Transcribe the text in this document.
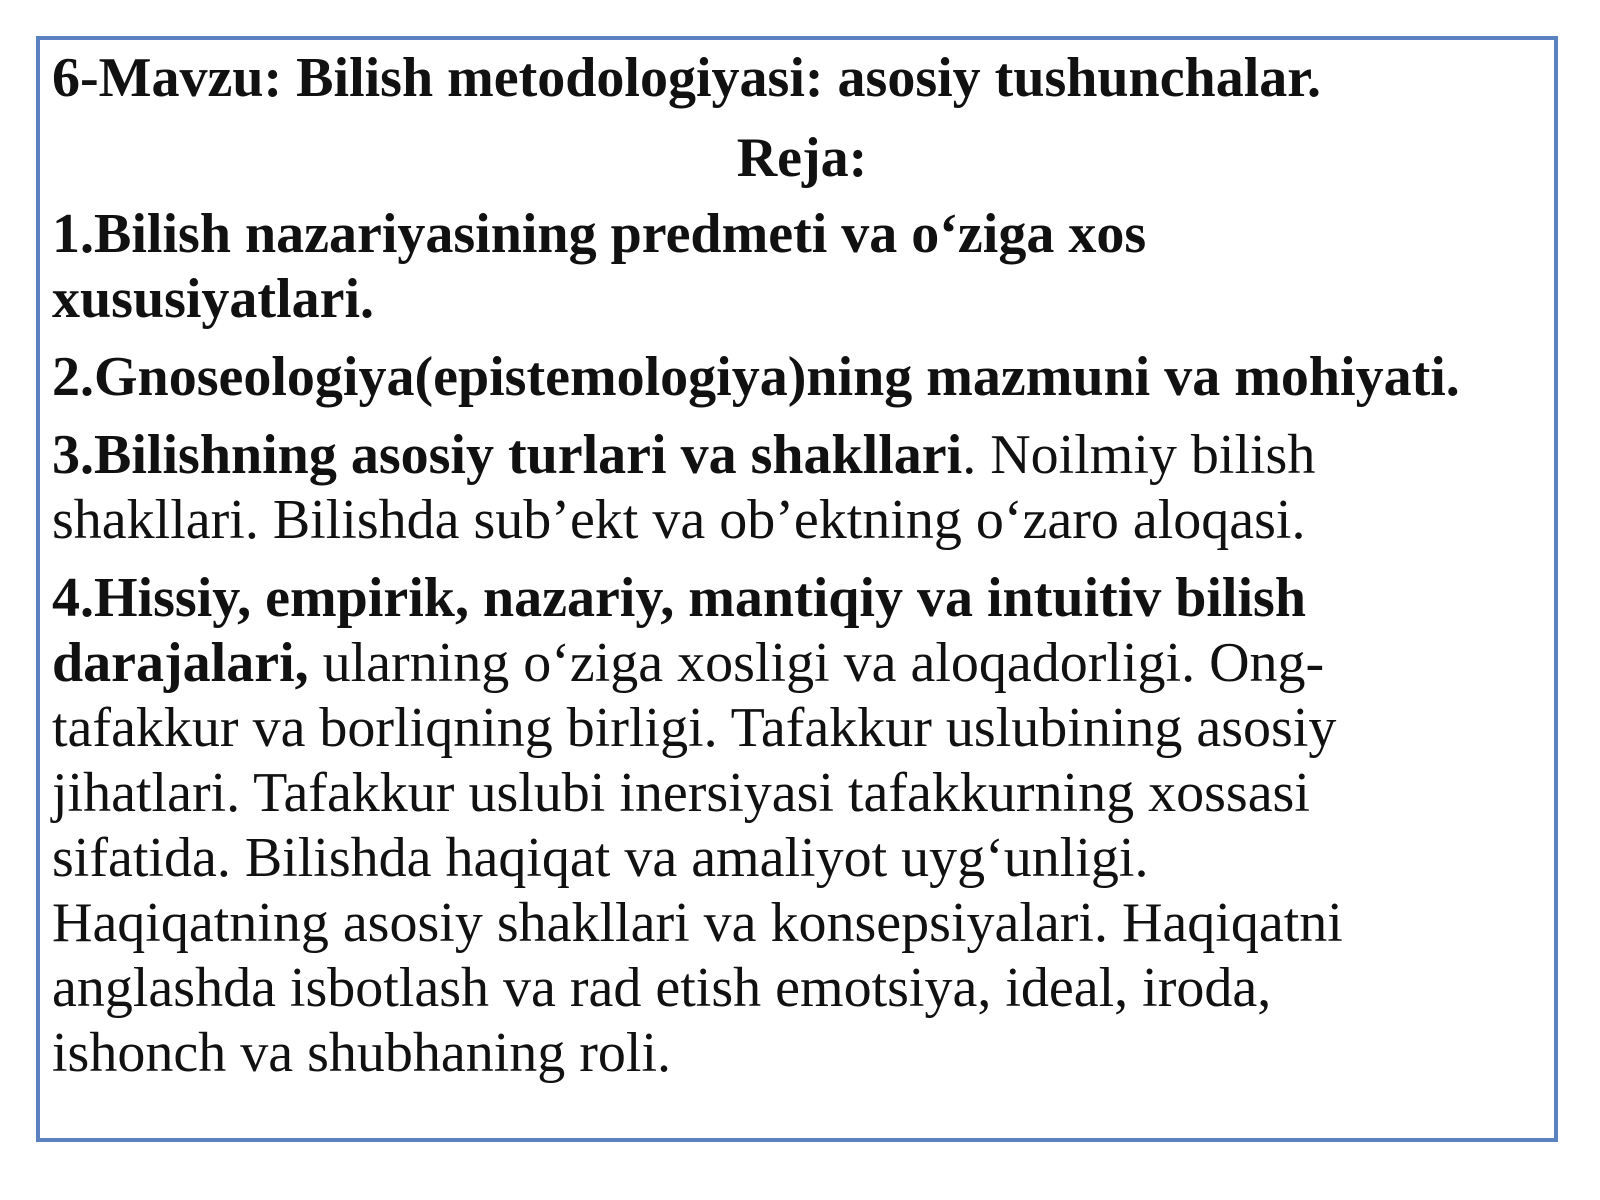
6-Mavzu: Bilish metodologiyasi: asosiy tushunchalar.
Reja:
1.Bilish nazariyasining predmeti va o‘ziga xos
xususiyatlari.
2.Gnoseologiya(epistemologiya)ning mazmuni va mohiyati.
3.Bilishning asosiy turlari va shakllari. Noilmiy bilish
shakllari. Bilishda sub’ekt va ob’ektning o‘zaro aloqasi.
4.Hissiy, empirik, nazariy, mantiqiy va intuitiv bilish
darajalari, ularning o‘ziga xosligi va aloqadorligi. Ong-
tafakkur va borliqning birligi. Tafakkur uslubining asosiy
jihatlari. Tafakkur uslubi inersiyasi tafakkurning xossasi
sifatida. Bilishda haqiqat va amaliyot uyg‘unligi.
Haqiqatning asosiy shakllari va konsepsiyalari. Haqiqatni
anglashda isbotlash va rad etish emotsiya, ideal, iroda,
ishonch va shubhaning roli.
